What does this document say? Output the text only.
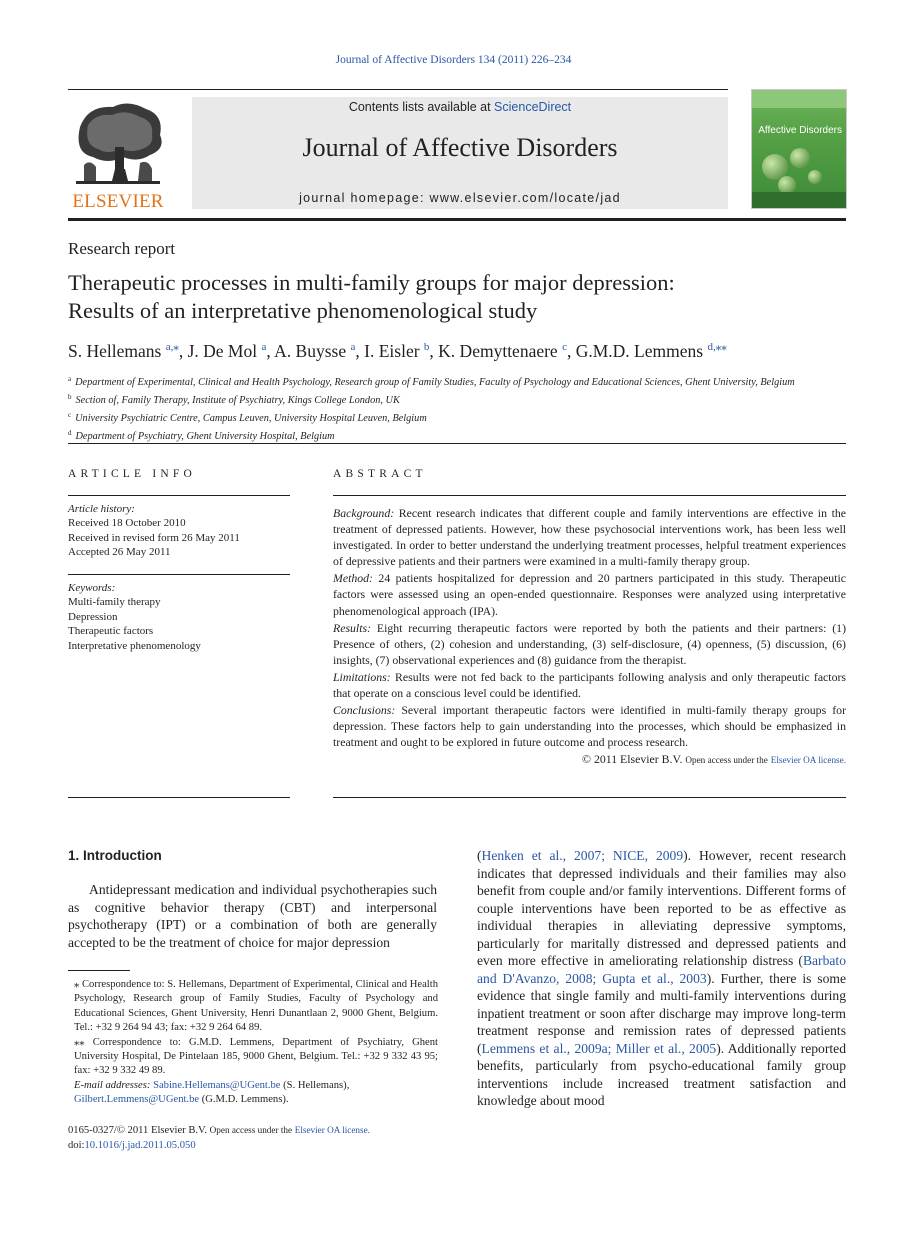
Journal of Affective Disorders 134 (2011) 226–234
ELSEVIER
Contents lists available at ScienceDirect
Journal of Affective Disorders
journal homepage: www.elsevier.com/locate/jad
Affective Disorders
Research report
Therapeutic processes in multi-family groups for major depression:
Results of an interpretative phenomenological study
S. Hellemans $^{a,⁎}$, J. De Mol $^a$, A. Buysse $^a$, I. Eisler $^b$, K. Demyttenaere $^c$, G.M.D. Lemmens $^{d,⁎⁎}$
$^a$ Department of Experimental, Clinical and Health Psychology, Research group of Family Studies, Faculty of Psychology and Educational Sciences, Ghent University, Belgium
$^b$ Section of, Family Therapy, Institute of Psychiatry, Kings College London, UK
$^c$ University Psychiatric Centre, Campus Leuven, University Hospital Leuven, Belgium
$^d$ Department of Psychiatry, Ghent University Hospital, Belgium
ARTICLE INFO
Article history:
Received 18 October 2010
Received in revised form 26 May 2011
Accepted 26 May 2011
Keywords:
Multi-family therapy
Depression
Therapeutic factors
Interpretative phenomenology
ABSTRACT

Background: Recent research indicates that different couple and family interventions are effective in the treatment of depressed patients. However, how these psychosocial interventions work, has been less well investigated. In order to better understand the underlying treatment processes, helpful treatment experiences of depressive patients and their partners were examined in a multi-family therapy group.

Method: 24 patients hospitalized for depression and 20 partners participated in this study. Therapeutic factors were assessed using an open-ended questionnaire. Responses were analyzed using interpretative phenomenological approach (IPA).

Results: Eight recurring therapeutic factors were reported by both the patients and their partners: (1) Presence of others, (2) cohesion and understanding, (3) self-disclosure, (4) openness, (5) discussion, (6) insights, (7) observational experiences and (8) guidance from the therapist.

Limitations: Results were not fed back to the participants following analysis and only therapeutic factors that operate on a conscious level could be identified.

Conclusions: Several important therapeutic factors were identified in multi-family therapy groups for depression. These factors help to gain understanding into the processes, which should be emphasized in treatment and ought to be explored in future outcome and process research.

© 2011 Elsevier B.V. Open access under the Elsevier OA license.

1. Introduction

Antidepressant medication and individual psychotherapies such as cognitive behavior therapy (CBT) and interpersonal psychotherapy (IPT) or a combination of both are generally accepted to be the treatment of choice for major depression

⁎ Correspondence to: S. Hellemans, Department of Experimental, Clinical and Health Psychology, Research group of Family Studies, Faculty of Psychology and Educational Sciences, Ghent University, Henri Dunantlaan 2, 9000 Ghent, Belgium. Tel.: +32 9 264 94 43; fax: +32 9 264 64 89.

⁎⁎ Correspondence to: G.M.D. Lemmens, Department of Psychiatry, Ghent University Hospital, De Pintelaan 185, 9000 Ghent, Belgium. Tel.: +32 9 332 43 95; fax: +32 9 332 49 89.

E-mail addresses: Sabine.Hellemans@UGent.be (S. Hellemans),
Gilbert.Lemmens@UGent.be (G.M.D. Lemmens).

(Henken et al., 2007; NICE, 2009). However, recent research indicates that depressed individuals and their families may also benefit from couple and/or family interventions. Different forms of couple interventions have been reported to be as effective as individual therapies in alleviating depressive symptoms, particularly for maritally distressed and depressed patients and even more effective in ameliorating relationship distress (Barbato and D'Avanzo, 2008; Gupta et al., 2003). Further, there is some evidence that single family and multi-family interventions during inpatient treatment or soon after discharge may improve long-term treatment response and remission rates of depressed patients (Lemmens et al., 2009a; Miller et al., 2005). Additionally reported benefits, particularly from psycho-educational family group interventions include increased treatment satisfaction and knowledge about mood

0165-0327/© 2011 Elsevier B.V. Open access under the Elsevier OA license.
doi:10.1016/j.jad.2011.05.050
